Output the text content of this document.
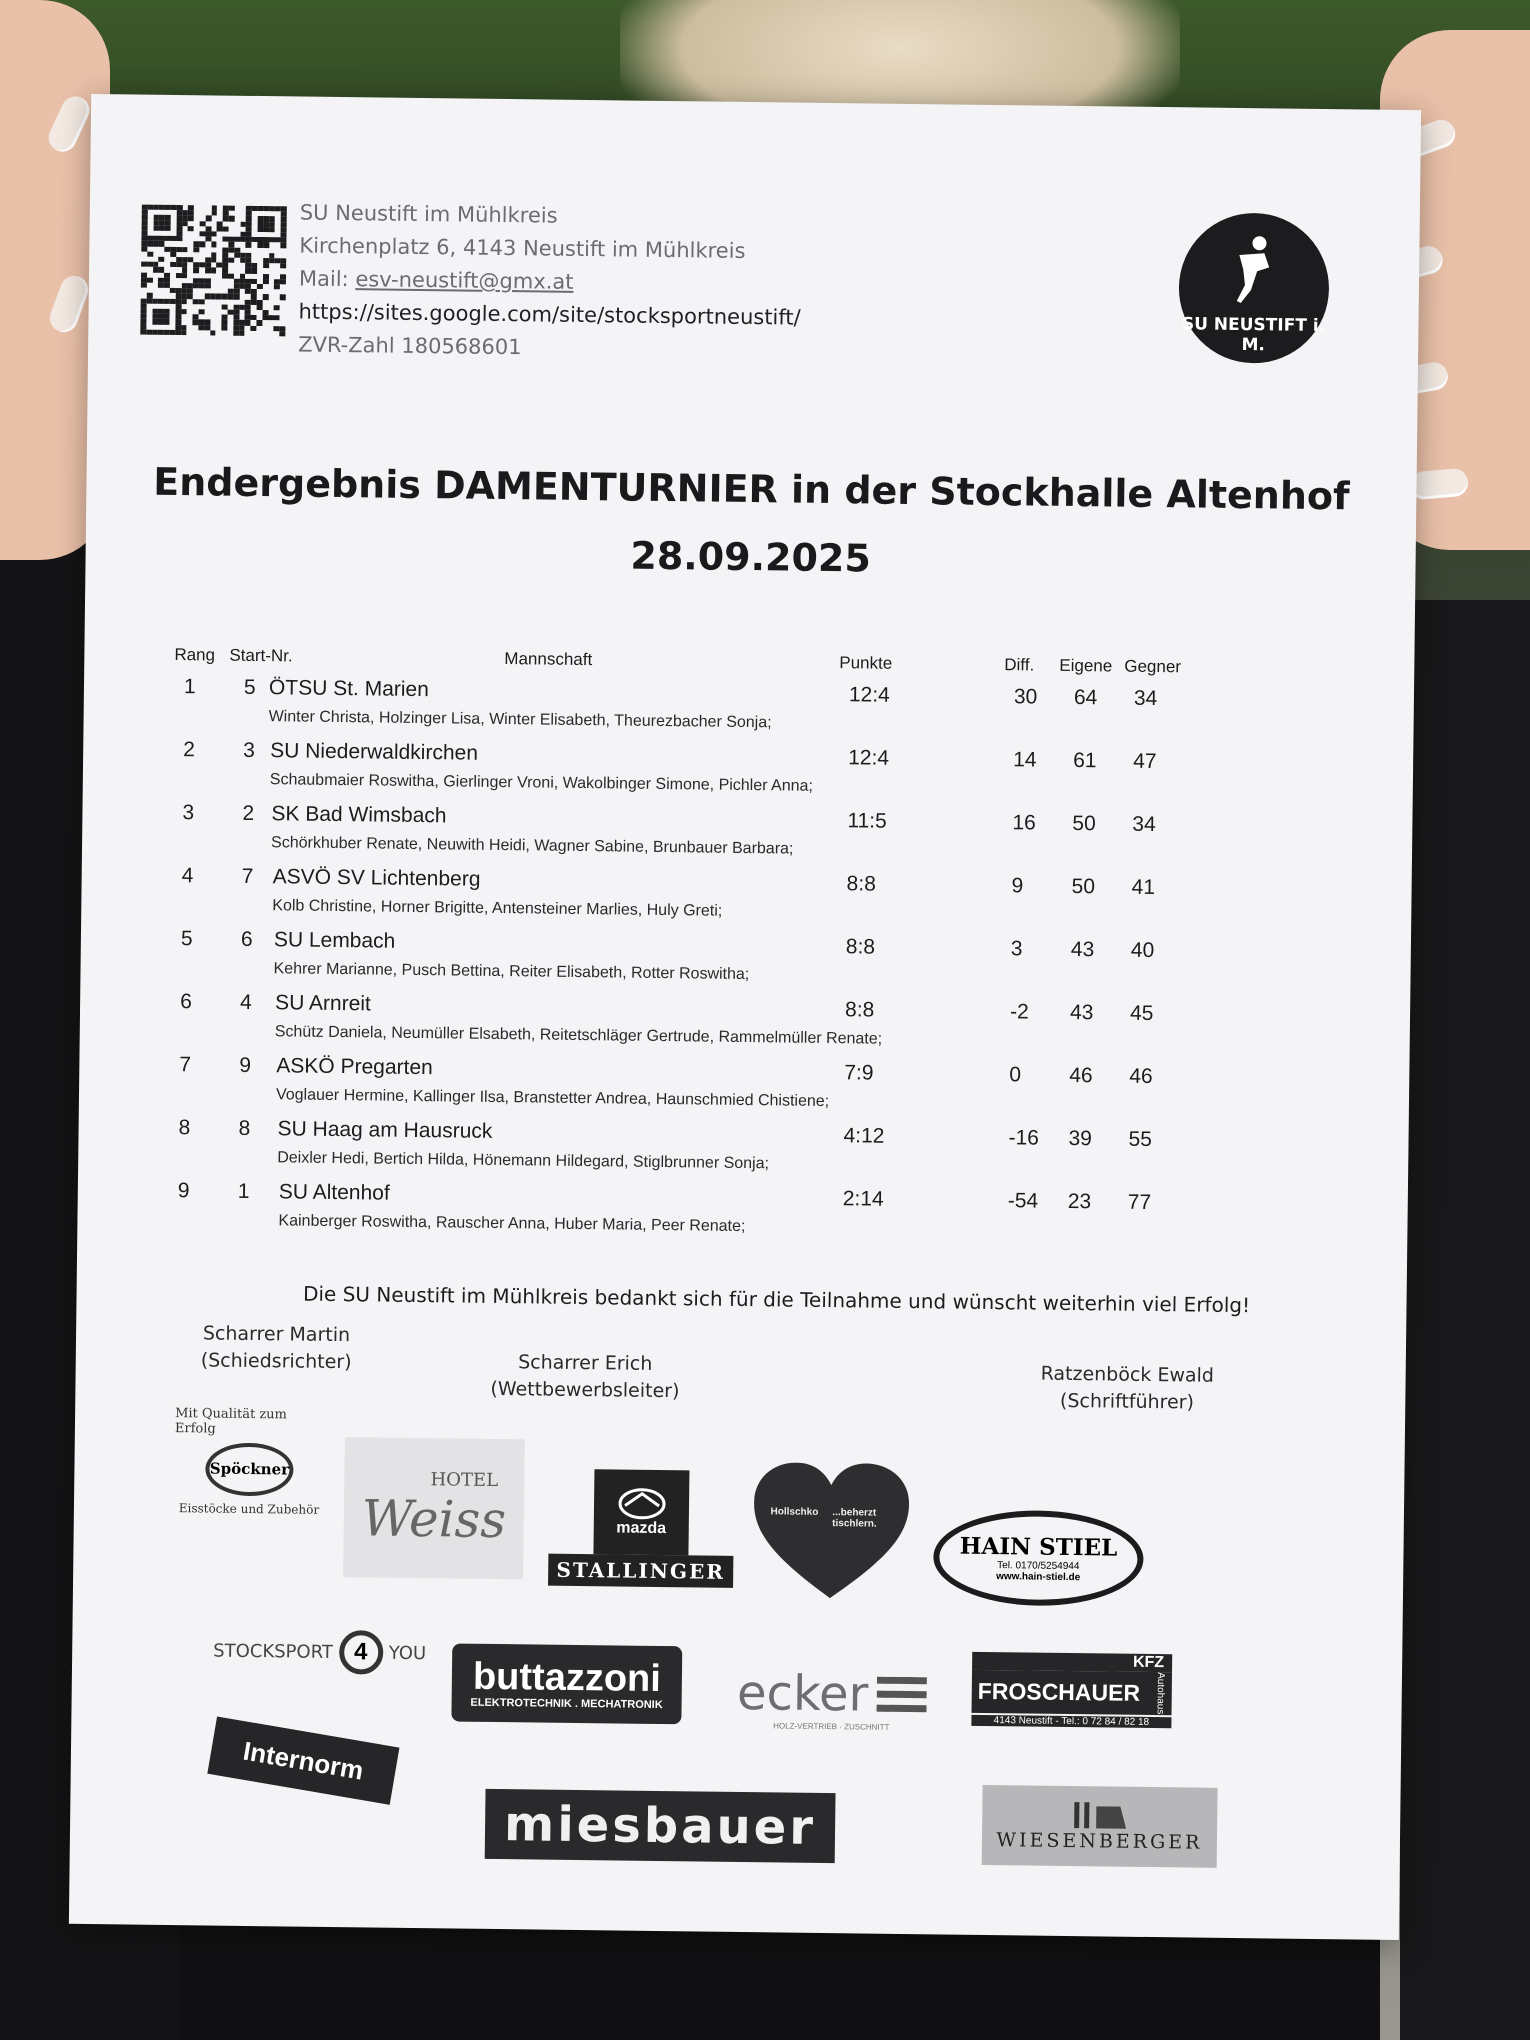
SU Neustift im Mühlkreis
Kirchenplatz 6, 4143 Neustift im Mühlkreis
Mail: esv-neustift@gmx.at
https://sites.google.com/site/stocksportneustift/
ZVR-Zahl 180568601
SU NEUSTIFT i. M.
Endergebnis DAMENTURNIER in der Stockhalle Altenhof
28.09.2025
Rang Start-Nr.	Mannschaft	Punkte	Diff. Eigene Gegner
1 5 ÖTSU St. Marien	12:4	30 64 34
Winter Christa, Holzinger Lisa, Winter Elisabeth, Theurezbacher Sonja;
2 3 SU Niederwaldkirchen	12:4	14 61 47
Schaubmaier Roswitha, Gierlinger Vroni, Wakolbinger Simone, Pichler Anna;
3 2 SK Bad Wimsbach	11:5	16 50 34
Schörkhuber Renate, Neuwith Heidi, Wagner Sabine, Brunbauer Barbara;
4 7 ASVÖ SV Lichtenberg	8:8	9 50 41
Kolb Christine, Horner Brigitte, Antensteiner Marlies, Huly Greti;
5 6 SU Lembach	8:8	3 43 40
Kehrer Marianne, Pusch Bettina, Reiter Elisabeth, Rotter Roswitha;
6 4 SU Arnreit	8:8	-2 43 45
Schütz Daniela, Neumüller Elsabeth, Reitetschläger Gertrude, Rammelmüller Renate;
7 9 ASKÖ Pregarten	7:9	0 46 46
Voglauer Hermine, Kallinger Ilsa, Branstetter Andrea, Haunschmied Chistiene;
8 8 SU Haag am Hausruck	4:12	-16 39 55
Deixler Hedi, Bertich Hilda, Hönemann Hildegard, Stiglbrunner Sonja;
9 1 SU Altenhof	2:14	-54 23 77
Kainberger Roswitha, Rauscher Anna, Huber Maria, Peer Renate;
Die SU Neustift im Mühlkreis bedankt sich für die Teilnahme und wünscht weiterhin viel Erfolg!
Scharrer Martin
(Schiedsrichter)	Scharrer Erich
(Wettbewerbsleiter)
Ratzenböck Ewald
(Schriftführer)
Mit Qualität zum Erfolg
Spöckner
Eisstöcke und Zubehör
HOTEL
Weiss	mazda
STALLINGER
Hollschko ...beherzt tischlern.
HAIN STIEL
Tel. 0170/5254944
www.hain-stiel.de
STOCKSPORT 4	YOU
buttazzoni
ELEKTROTECHNIK . MECHATRONIK ecker
HOLZ-VERTRIEB · ZUSCHNITT
KFZ
FROSCHAUER Autohaus
4143 Neustift - Tel.: 0 72 84 / 82 18
Internorm
miesbauer	WIESENBERGER
